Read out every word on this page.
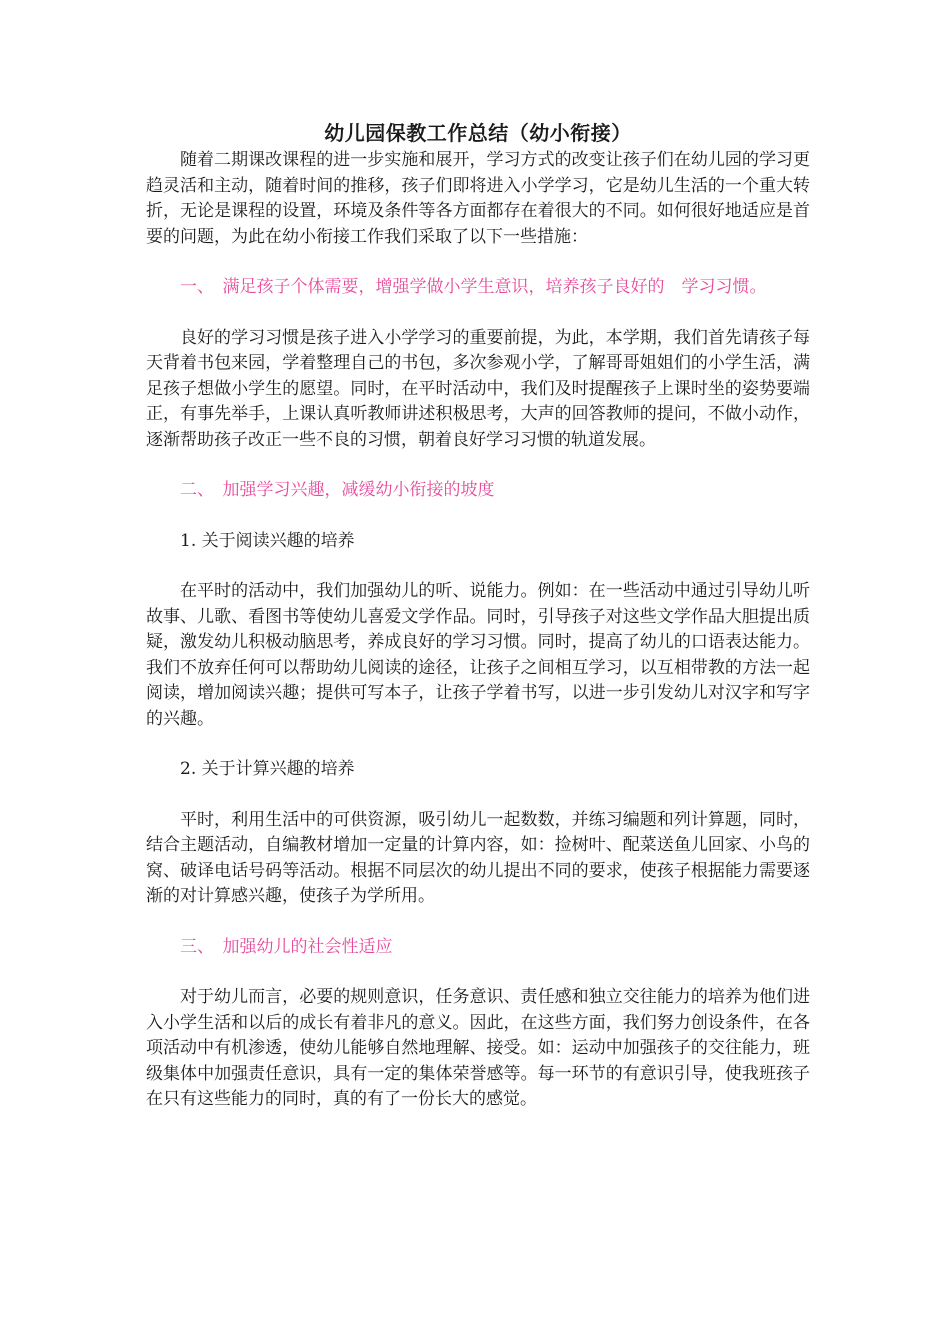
幼儿园保教工作总结（幼小衔接）

随着二期课改课程的进一步实施和展开，学习方式的改变让孩子们在幼儿园的学习更趋灵活和主动，随着时间的推移，孩子们即将进入小学学习，它是幼儿生活的一个重大转折，无论是课程的设置，环境及条件等各方面都存在着很大的不同。如何很好地适应是首要的问题，为此在幼小衔接工作我们采取了以下一些措施：

一、　满足孩子个体需要，增强学做小学生意识，培养孩子良好的　学习习惯。

良好的学习习惯是孩子进入小学学习的重要前提，为此，本学期，我们首先请孩子每天背着书包来园，学着整理自己的书包，多次参观小学，了解哥哥姐姐们的小学生活，满足孩子想做小学生的愿望。同时，在平时活动中，我们及时提醒孩子上课时坐的姿势要端正，有事先举手，上课认真听教师讲述积极思考，大声的回答教师的提问，不做小动作，逐渐帮助孩子改正一些不良的习惯，朝着良好学习习惯的轨道发展。

二、　加强学习兴趣，减缓幼小衔接的坡度

1. 关于阅读兴趣的培养

在平时的活动中，我们加强幼儿的听、说能力。例如：在一些活动中通过引导幼儿听故事、儿歌、看图书等使幼儿喜爱文学作品。同时，引导孩子对这些文学作品大胆提出质疑，激发幼儿积极动脑思考，养成良好的学习习惯。同时，提高了幼儿的口语表达能力。我们不放弃任何可以帮助幼儿阅读的途径，让孩子之间相互学习，以互相带教的方法一起阅读，增加阅读兴趣；提供可写本子，让孩子学着书写，以进一步引发幼儿对汉字和写字的兴趣。

2. 关于计算兴趣的培养

平时，利用生活中的可供资源，吸引幼儿一起数数，并练习编题和列计算题，同时，结合主题活动，自编教材增加一定量的计算内容，如：捡树叶、配菜送鱼儿回家、小鸟的窝、破译电话号码等活动。根据不同层次的幼儿提出不同的要求，使孩子根据能力需要逐渐的对计算感兴趣，使孩子为学所用。

三、　加强幼儿的社会性适应

对于幼儿而言，必要的规则意识，任务意识、责任感和独立交往能力的培养为他们进入小学生活和以后的成长有着非凡的意义。因此，在这些方面，我们努力创设条件，在各项活动中有机渗透，使幼儿能够自然地理解、接受。如：运动中加强孩子的交往能力，班级集体中加强责任意识，具有一定的集体荣誉感等。每一环节的有意识引导，使我班孩子在只有这些能力的同时，真的有了一份长大的感觉。
